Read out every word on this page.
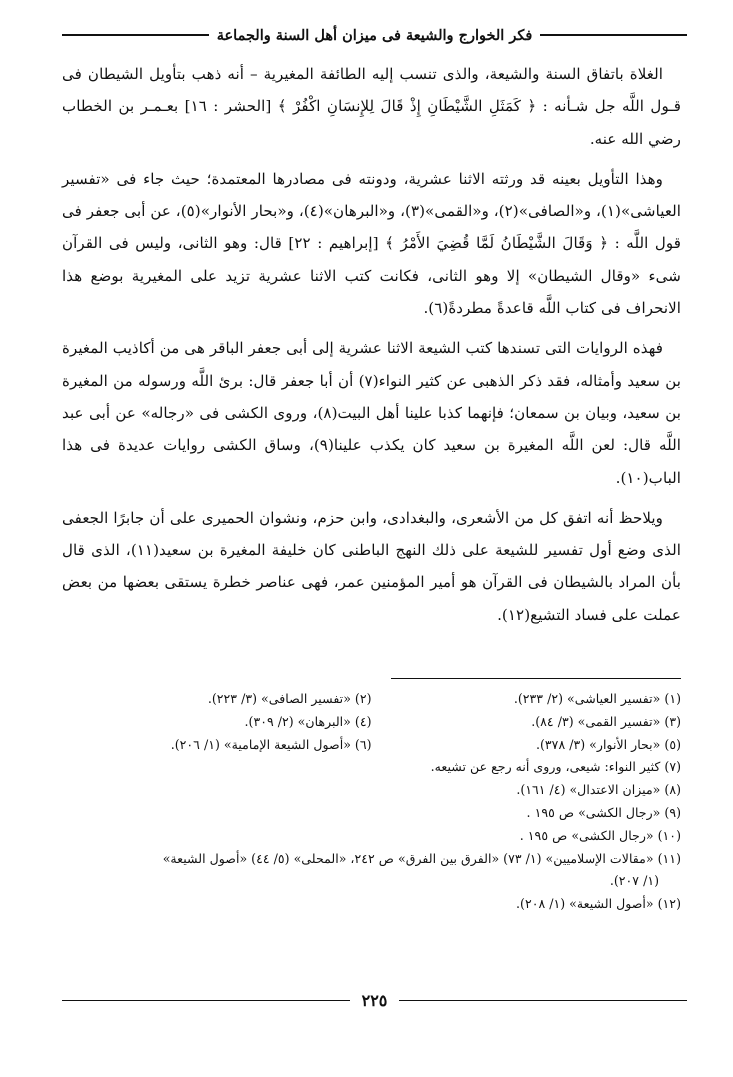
فكر الخوارج والشيعة فى ميزان أهل السنة والجماعة

الغلاة باتفاق السنة والشيعة، والذى تنسب إليه الطائفة المغيرية – أنه ذهب بتأويل الشيطان فى قـول اللَّه جل شـأنه : ﴿ كَمَثَلِ الشَّيْطَانِ إِذْ قَالَ لِلإِنسَانِ اكْفُرْ ﴾ [الحشر : ١٦] بعـمـر بن الخطاب رضي الله عنه.

وهذا التأويل بعينه قد ورثته الاثنا عشرية، ودونته فى مصادرها المعتمدة؛ حيث جاء فى «تفسير العياشى»(١)، و«الصافى»(٢)، و«القمى»(٣)، و«البرهان»(٤)، و«بحار الأنوار»(٥)، عن أبى جعفر فى قول اللَّه : ﴿ وَقَالَ الشَّيْطَانُ لَمَّا قُضِيَ الأَمْرُ ﴾ [إبراهيم : ٢٢] قال: وهو الثانى، وليس فى القرآن شىء «وقال الشيطان» إلا وهو الثانى، فكانت كتب الاثنا عشرية تزيد على المغيرية بوضع هذا الانحراف فى كتاب اللَّه قاعدةً مطردةً(٦).

فهذه الروايات التى تسندها كتب الشيعة الاثنا عشرية إلى أبى جعفر الباقر هى من أكاذيب المغيرة بن سعيد وأمثاله، فقد ذكر الذهبى عن كثير النواء(٧) أن أبا جعفر قال: برئ اللَّه ورسوله من المغيرة بن سعيد، وبيان بن سمعان؛ فإنهما كذبا علينا أهل البيت(٨)، وروى الكشى فى «رجاله» عن أبى عبد اللَّه قال: لعن اللَّه المغيرة بن سعيد كان يكذب علينا(٩)، وساق الكشى روايات عديدة فى هذا الباب(١٠).

ويلاحظ أنه اتفق كل من الأشعرى، والبغدادى، وابن حزم، ونشوان الحميرى على أن جابرًا الجعفى الذى وضع أول تفسير للشيعة على ذلك النهج الباطنى كان خليفة المغيرة بن سعيد(١١)، الذى قال بأن المراد بالشيطان فى القرآن هو أمير المؤمنين عمر، فهى عناصر خطرة يستقى بعضها من بعض عملت على فساد التشيع(١٢).

(١) «تفسير العياشى» (٢/ ٢٣٣).
(٢) «تفسير الصافى» (٣/ ٢٢٣).
(٣) «تفسير القمى» (٣/ ٨٤).
(٤) «البرهان» (٢/ ٣٠٩).
(٥) «بحار الأنوار» (٣/ ٣٧٨).
(٦) «أصول الشيعة الإمامية» (١/ ٢٠٦).
(٧) كثير النواء: شيعى، وروى أنه رجع عن تشيعه.
(٨) «ميزان الاعتدال» (٤/ ١٦١).
(٩) «رجال الكشى» ص ١٩٥ .
(١٠) «رجال الكشى» ص ١٩٥ .
(١١) «مقالات الإسلاميين» (١/ ٧٣) «الفرق بين الفرق» ص ٢٤٢، «المحلى» (٥/ ٤٤) «أصول الشيعة»
(١/ ٢٠٧).
(١٢) «أصول الشيعة» (١/ ٢٠٨).
٢٢٥
